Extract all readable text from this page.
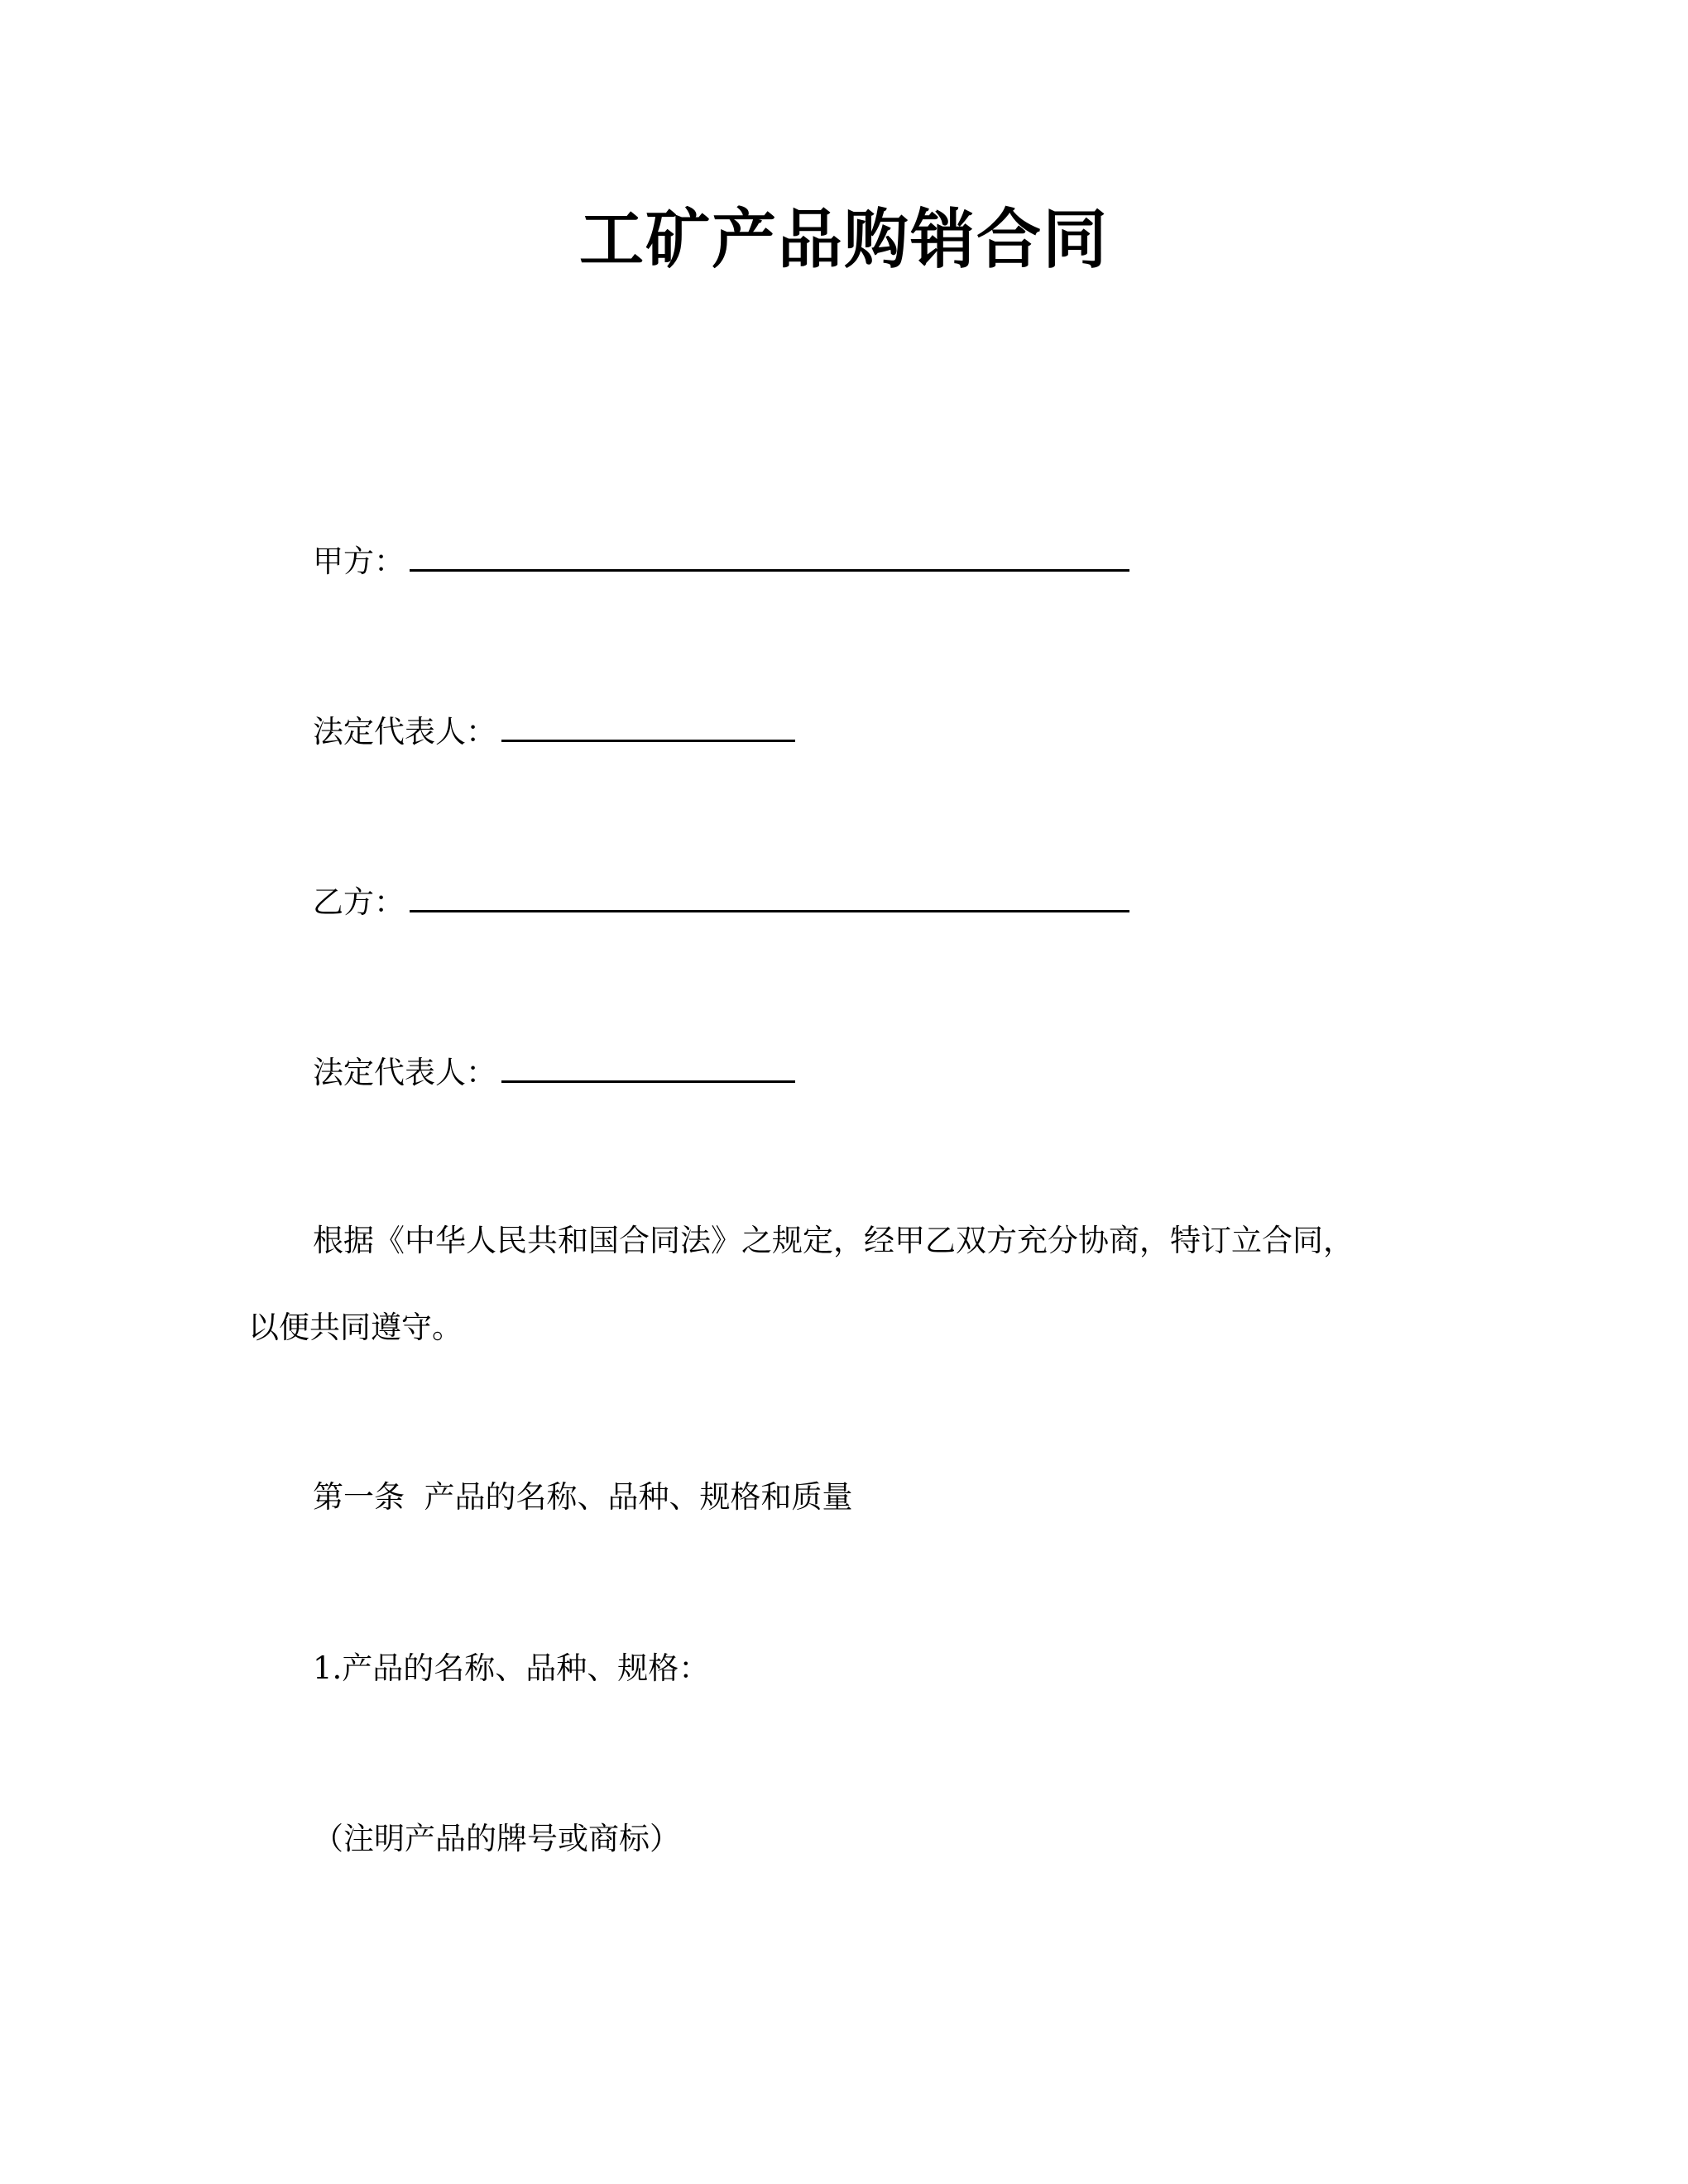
工矿产品购销合同
甲方：
法定代表人：
乙方：
法定代表人：
根据《中华人民共和国合同法》之规定，经甲乙双方充分协商，特订立合同，
以便共同遵守。
第一条  产品的名称、品种、规格和质量
1.产品的名称、品种、规格：
（注明产品的牌号或商标）
